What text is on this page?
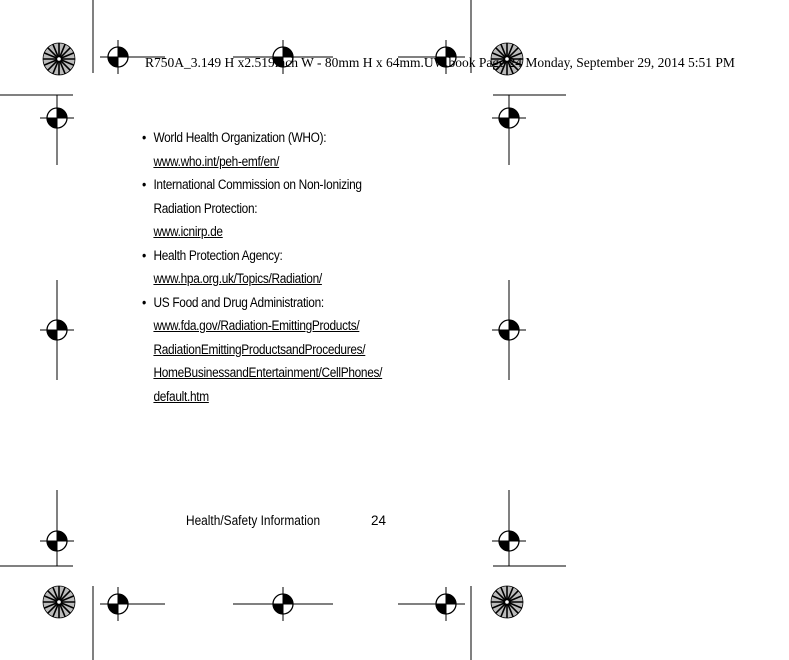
R750A_3.149 H x2.519inch W - 80mm H x 64mm.UW.book Page 24 Monday, September 29, 2014 5:51 PM
• World Health Organization (WHO):
www.who.int/peh-emf/en/
• International Commission on Non-Ionizing
Radiation Protection:
www.icnirp.de
• Health Protection Agency:
www.hpa.org.uk/Topics/Radiation/
• US Food and Drug Administration:
www.fda.gov/Radiation-EmittingProducts/
RadiationEmittingProductsandProcedures/
HomeBusinessandEntertainment/CellPhones/
default.htm
Health/Safety Information	24
